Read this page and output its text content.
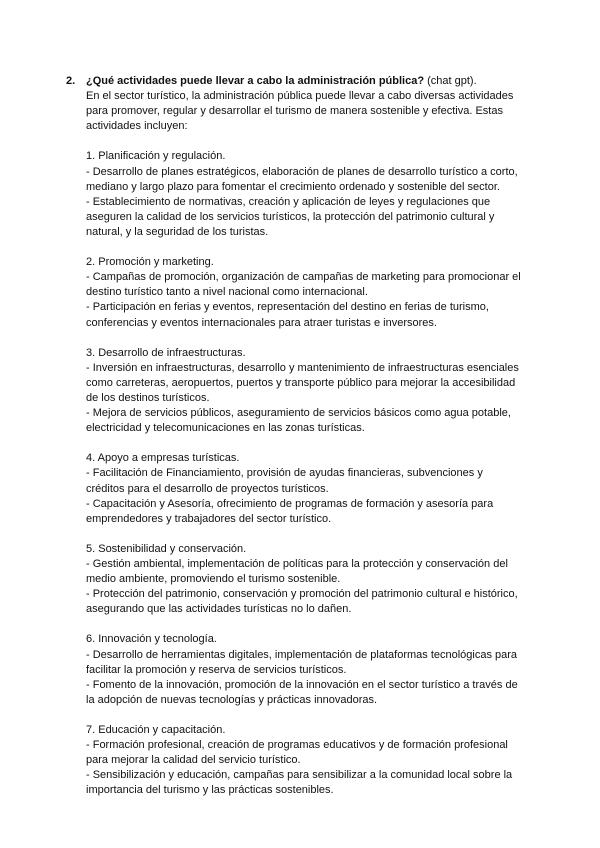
2. ¿Qué actividades puede llevar a cabo la administración pública? (chat gpt).
En el sector turístico, la administración pública puede llevar a cabo diversas actividades
para promover, regular y desarrollar el turismo de manera sostenible y efectiva. Estas
actividades incluyen:
1. Planificación y regulación.
- Desarrollo de planes estratégicos, elaboración de planes de desarrollo turístico a corto,
mediano y largo plazo para fomentar el crecimiento ordenado y sostenible del sector.
- Establecimiento de normativas, creación y aplicación de leyes y regulaciones que
aseguren la calidad de los servicios turísticos, la protección del patrimonio cultural y
natural, y la seguridad de los turistas.
2. Promoción y marketing.
- Campañas de promoción, organización de campañas de marketing para promocionar el
destino turístico tanto a nivel nacional como internacional.
- Participación en ferias y eventos, representación del destino en ferias de turismo,
conferencias y eventos internacionales para atraer turistas e inversores.
3. Desarrollo de infraestructuras.
- Inversión en infraestructuras, desarrollo y mantenimiento de infraestructuras esenciales
como carreteras, aeropuertos, puertos y transporte público para mejorar la accesibilidad
de los destinos turísticos.
- Mejora de servicios públicos, aseguramiento de servicios básicos como agua potable,
electricidad y telecomunicaciones en las zonas turísticas.
4. Apoyo a empresas turísticas.
- Facilitación de Financiamiento, provisión de ayudas financieras, subvenciones y
créditos para el desarrollo de proyectos turísticos.
- Capacitación y Asesoría, ofrecimiento de programas de formación y asesoría para
emprendedores y trabajadores del sector turístico.
5. Sostenibilidad y conservación.
- Gestión ambiental, implementación de políticas para la protección y conservación del
medio ambiente, promoviendo el turismo sostenible.
- Protección del patrimonio, conservación y promoción del patrimonio cultural e histórico,
asegurando que las actividades turísticas no lo dañen.
6. Innovación y tecnología.
- Desarrollo de herramientas digitales, implementación de plataformas tecnológicas para
facilitar la promoción y reserva de servicios turísticos.
- Fomento de la innovación, promoción de la innovación en el sector turístico a través de
la adopción de nuevas tecnologías y prácticas innovadoras.
7. Educación y capacitación.
- Formación profesional, creación de programas educativos y de formación profesional
para mejorar la calidad del servicio turístico.
- Sensibilización y educación, campañas para sensibilizar a la comunidad local sobre la
importancia del turismo y las prácticas sostenibles.
